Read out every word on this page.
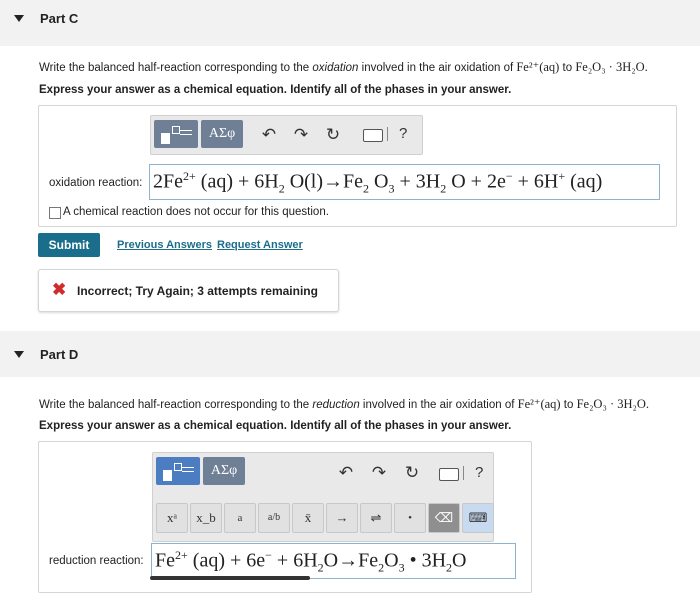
Part C
Write the balanced half-reaction corresponding to the oxidation involved in the air oxidation of Fe²⁺(aq) to Fe₂O₃ · 3H₂O.
Express your answer as a chemical equation. Identify all of the phases in your answer.
ΑΣφ	↶ ↷ ↻	?
oxidation reaction: $2Fe^{2+}$ $(aq) + 6H_2$ $O(l)\to Fe_2$ $O_3 + 3H_2$ O + 2e− + 6H+ (aq)
A chemical reaction does not occur for this question.
Submit	Previous Answers Request Answer
✖ Incorrect; Try Again; 3 attempts remaining
Part D
Write the balanced half-reaction corresponding to the reduction involved in the air oxidation of Fe²⁺(aq) to Fe₂O₃ · 3H₂O.
Express your answer as a chemical equation. Identify all of the phases in your answer.
ΑΣφ	↶ ↷ ↻	?
xᵃ	x_b	a	a/b	x̄	→	⇌	•	⌫	⌨
reduction reaction: $Fe^{2+}$ $(aq) + 6e^- + 6H_2O\to Fe_2O_3$ • $3H_2O$
